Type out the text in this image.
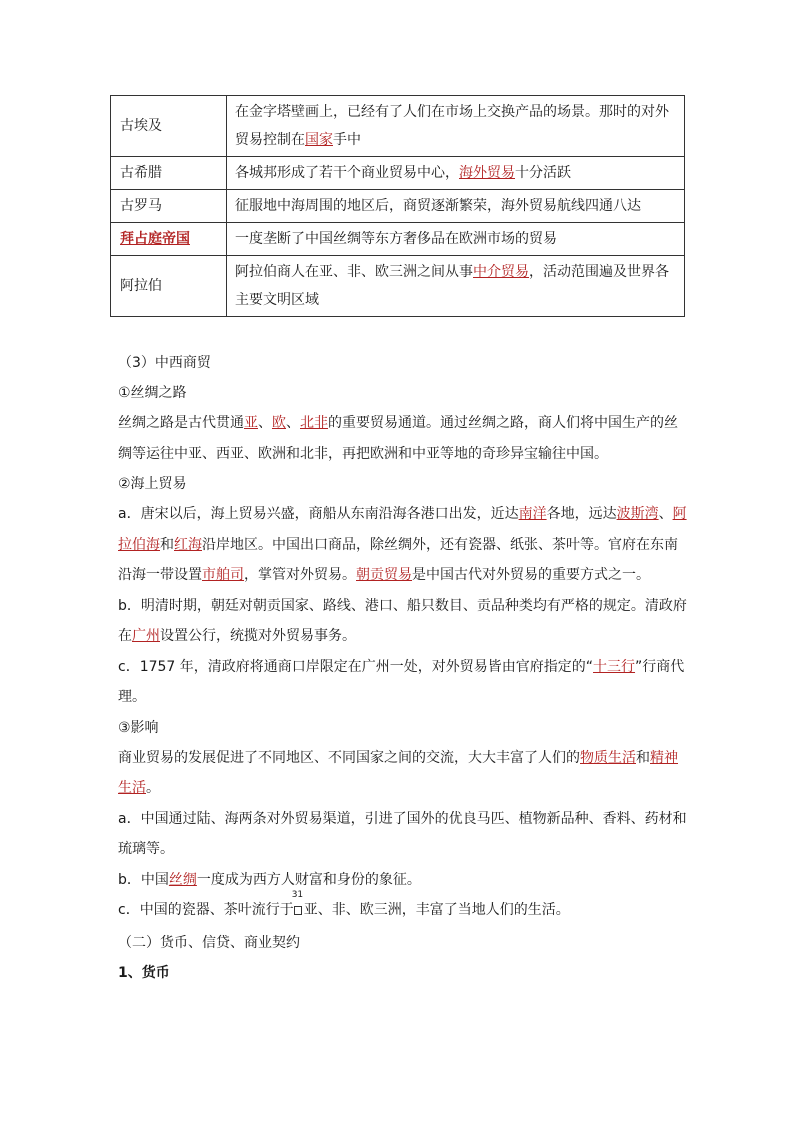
古埃及	在金字塔壁画上，已经有了人们在市场上交换产品的场景。那时的对外贸易控制在国家手中
古希腊	各城邦形成了若干个商业贸易中心，海外贸易十分活跃
古罗马	征服地中海周围的地区后，商贸逐渐繁荣，海外贸易航线四通八达
拜占庭帝国	一度垄断了中国丝绸等东方奢侈品在欧洲市场的贸易
阿拉伯	阿拉伯商人在亚、非、欧三洲之间从事中介贸易，活动范围遍及世界各主要文明区域

（3）中西商贸

①丝绸之路

丝绸之路是古代贯通亚、欧、北非的重要贸易通道。通过丝绸之路，商人们将中国生产的丝绸等运往中亚、西亚、欧洲和北非，再把欧洲和中亚等地的奇珍异宝输往中国。

②海上贸易

a．唐宋以后，海上贸易兴盛，商船从东南沿海各港口出发，近达南洋各地，远达波斯湾、阿拉伯海和红海沿岸地区。中国出口商品，除丝绸外，还有瓷器、纸张、茶叶等。官府在东南沿海一带设置市舶司，掌管对外贸易。朝贡贸易是中国古代对外贸易的重要方式之一。

b．明清时期，朝廷对朝贡国家、路线、港口、船只数目、贡品种类均有严格的规定。清政府在广州设置公行，统揽对外贸易事务。

c．1757 年，清政府将通商口岸限定在广州一处，对外贸易皆由官府指定的“十三行”行商代理。

③影响

商业贸易的发展促进了不同地区、不同国家之间的交流，大大丰富了人们的物质生活和精神生活。

a．中国通过陆、海两条对外贸易渠道，引进了国外的优良马匹、植物新品种、香料、药材和琉璃等。

b．中国丝绸一度成为西方人财富和身份的象征。

c．中国的瓷器、茶叶流行于
31
亚、非、欧三洲，丰富了当地人们的生活。

（二）货币、信贷、商业契约

1、货币
